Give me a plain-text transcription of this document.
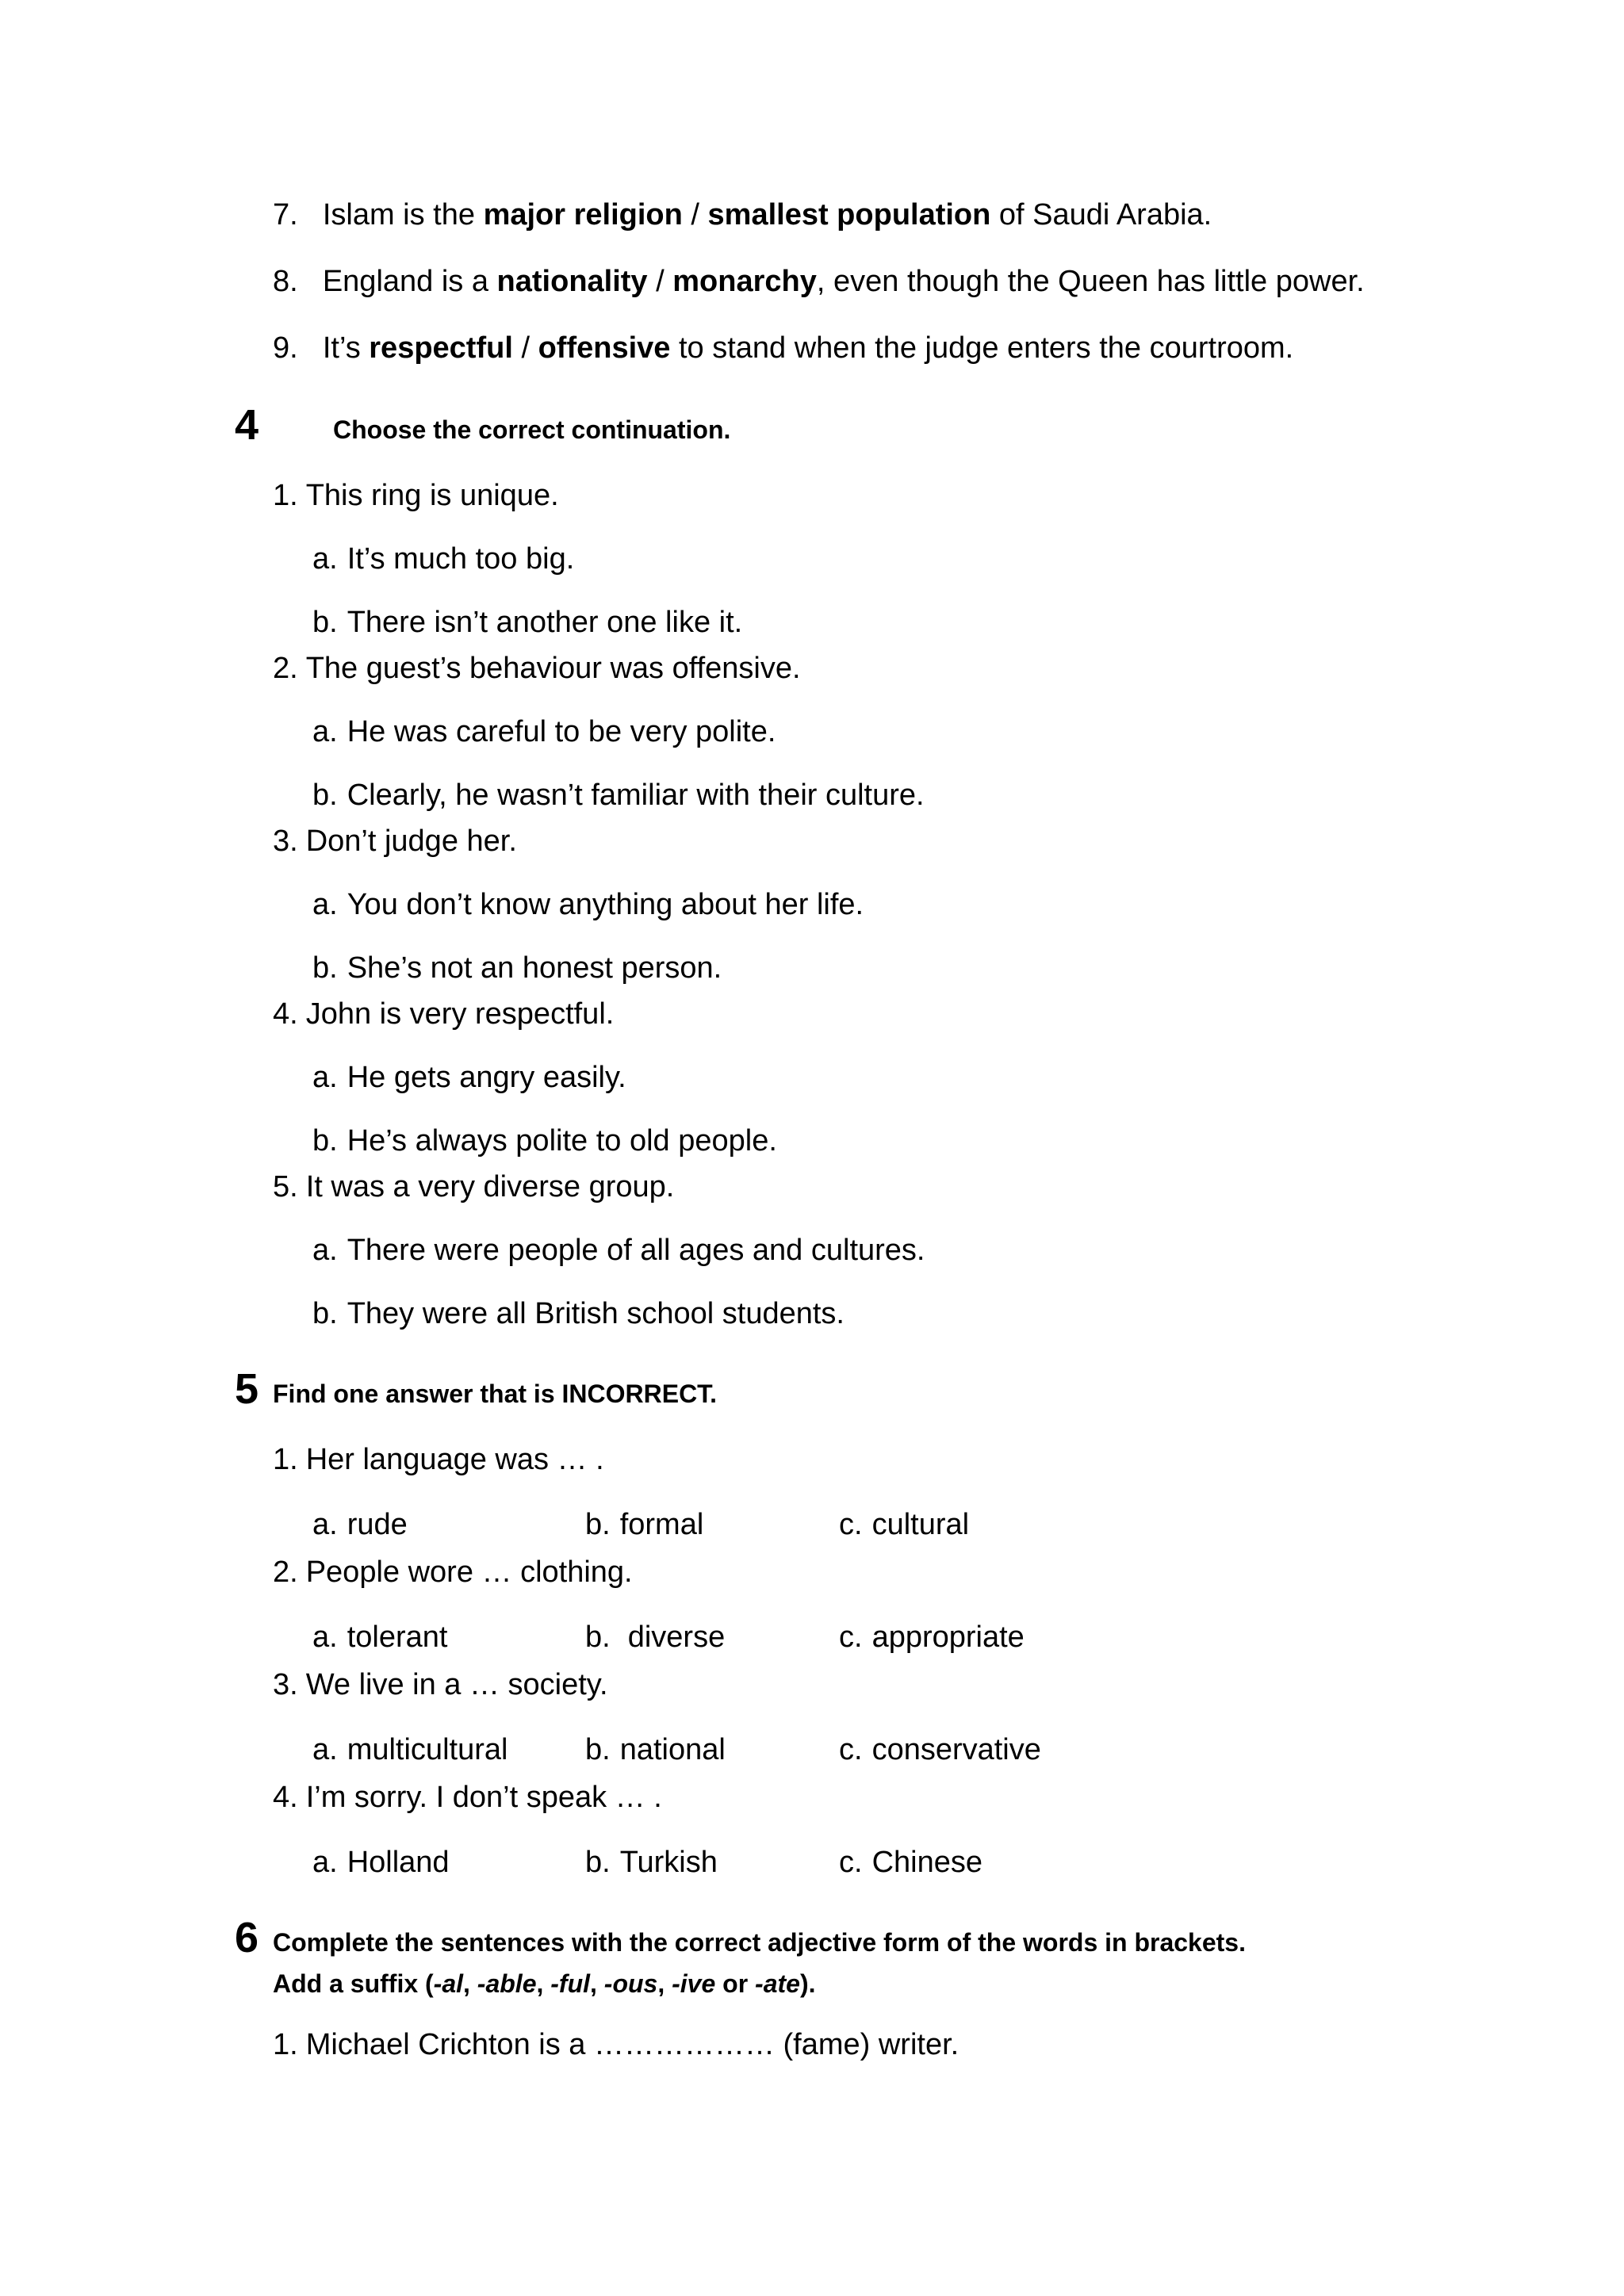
7. Islam is the major religion / smallest population of Saudi Arabia.
8. England is a nationality / monarchy, even though the Queen has little power.
9. It’s respectful / offensive to stand when the judge enters the courtroom.
4	Choose the correct continuation.
1. This ring is unique.
a. It’s much too big.
b. There isn’t another one like it.
2. The guest’s behaviour was offensive.
a. He was careful to be very polite.
b. Clearly, he wasn’t familiar with their culture.
3. Don’t judge her.
a. You don’t know anything about her life.
b. She’s not an honest person.
4. John is very respectful.
a. He gets angry easily.
b. He’s always polite to old people.
5. It was a very diverse group.
a. There were people of all ages and cultures.
b. They were all British school students.
5 Find one answer that is INCORRECT.
1. Her language was … .
a. rude	b. formal	c. cultural
2. People wore … clothing.
a. tolerant	b. diverse	c. appropriate
3. We live in a … society.
a. multicultural	b. national	c. conservative
4. I’m sorry. I don’t speak … .
a. Holland	b. Turkish	c. Chinese
6 Complete the sentences with the correct adjective form of the words in brackets.
Add a suffix (-al, -able, -ful, -ous, -ive or -ate).
1. Michael Crichton is a ……………… (fame) writer.
